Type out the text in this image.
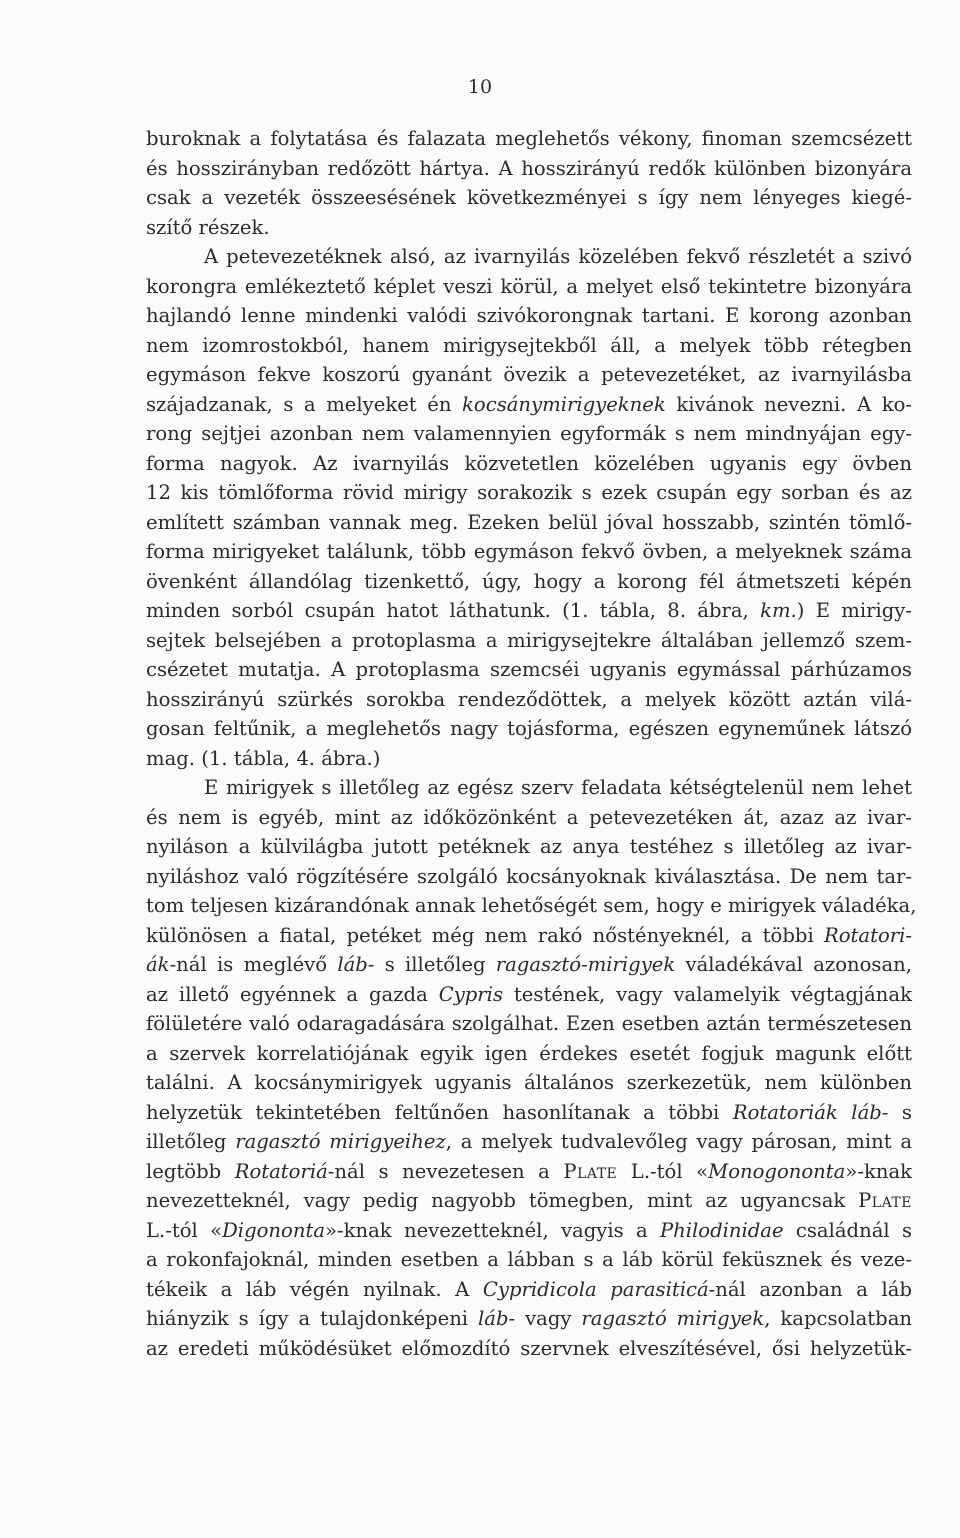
10
buroknak a folytatása és falazata meglehetős vékony, finoman szemcsézett
és hosszirányban redőzött hártya. A hosszirányú redők különben bizonyára
csak a vezeték összeesésének következményei s így nem lényeges kiegé-
szítő részek.
A petevezetéknek alsó, az ivarnyilás közelében fekvő részletét a szivó
korongra emlékeztető képlet veszi körül, a melyet első tekintetre bizonyára
hajlandó lenne mindenki valódi szivókorongnak tartani. E korong azonban
nem izomrostokból, hanem mirigysejtekből áll, a melyek több rétegben
egymáson fekve koszorú gyanánt övezik a petevezetéket, az ivarnyilásba
szájadzanak, s a melyeket én kocsánymirigyeknek kivánok nevezni. A ko-
rong sejtjei azonban nem valamennyien egyformák s nem mindnyájan egy-
forma nagyok. Az ivarnyilás közvetetlen közelében ugyanis egy övben
12 kis tömlőforma rövid mirigy sorakozik s ezek csupán egy sorban és az
említett számban vannak meg. Ezeken belül jóval hosszabb, szintén tömlő-
forma mirigyeket találunk, több egymáson fekvő övben, a melyeknek száma
övenként állandólag tizenkettő, úgy, hogy a korong fél átmetszeti képén
minden sorból csupán hatot láthatunk. (1. tábla, 8. ábra, km.) E mirigy-
sejtek belsejében a protoplasma a mirigysejtekre általában jellemző szem-
csézetet mutatja. A protoplasma szemcséi ugyanis egymással párhúzamos
hosszirányú szürkés sorokba rendeződöttek, a melyek között aztán vilá-
gosan feltűnik, a meglehetős nagy tojásforma, egészen egyneműnek látszó
mag. (1. tábla, 4. ábra.)
E mirigyek s illetőleg az egész szerv feladata kétségtelenül nem lehet
és nem is egyéb, mint az időközönként a petevezetéken át, azaz az ivar-
nyiláson a külvilágba jutott petéknek az anya testéhez s illetőleg az ivar-
nyiláshoz való rögzítésére szolgáló kocsányoknak kiválasztása. De nem tar-
tom teljesen kizárandónak annak lehetőségét sem, hogy e mirigyek váladéka,
különösen a fiatal, petéket még nem rakó nőstényeknél, a többi Rotatori-
ák-nál is meglévő láb- s illetőleg ragasztó-mirigyek váladékával azonosan,
az illető egyénnek a gazda Cypris testének, vagy valamelyik végtagjának
fölületére való odaragadására szolgálhat. Ezen esetben aztán természetesen
a szervek korrelatiójának egyik igen érdekes esetét fogjuk magunk előtt
találni. A kocsánymirigyek ugyanis általános szerkezetük, nem különben
helyzetük tekintetében feltűnően hasonlítanak a többi Rotatoriák láb- s
illetőleg ragasztó mirigyeihez, a melyek tudvalevőleg vagy párosan, mint a
legtöbb Rotatoriá-nál s nevezetesen a Plate L.-tól «Monogononta»-knak
nevezetteknél, vagy pedig nagyobb tömegben, mint az ugyancsak Plate
L.-tól «Digononta»-knak nevezetteknél, vagyis a Philodinidae családnál s
a rokonfajoknál, minden esetben a lábban s a láb körül feküsznek és veze-
tékeik a láb végén nyilnak. A Cypridicola parasiticá-nál azonban a láb
hiányzik s így a tulajdonképeni láb- vagy ragasztó mirigyek, kapcsolatban
az eredeti működésüket előmozdító szervnek elveszítésével, ősi helyzetük-
